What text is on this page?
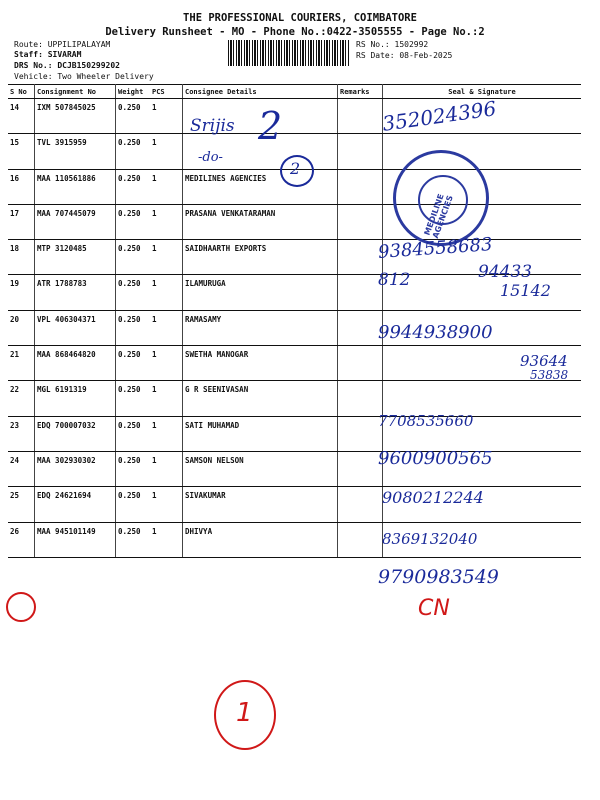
THE PROFESSIONAL COURIERS, COIMBATORE
Delivery Runsheet - MO - Phone No.:0422-3505555 - Page No.:2
Route: UPPILIPALAYAM
Staff: SIVARAM
DRS No.: DCJB150299202
Vehicle: Two Wheeler Delivery
RS No.: 1502992
RS Date: 08-Feb-2025
S No	Consignment No	Weight	PCS	Consignee Details	Remarks	Seal & Signature
14	IXM 507845025	0.250	1			
15	TVL 3915959	0.250	1			
16	MAA 110561886	0.250	1	MEDILINES AGENCIES		
17	MAA 707445079	0.250	1	PRASANA VENKATARAMAN		
18	MTP 3120485	0.250	1	SAIDHAARTH EXPORTS		
19	ATR 1788783	0.250	1	ILAMURUGA		
20	VPL 406304371	0.250	1	RAMASAMY		
21	MAA 868464820	0.250	1	SWETHA MANOGAR		
22	MGL 6191319	0.250	1	G R SEENIVASAN		
23	EDQ 700007032	0.250	1	SATI MUHAMAD		
24	MAA 302930302	0.250	1	SAMSON NELSON		
25	EDQ 24621694	0.250	1	SIVAKUMAR		
26	MAA 945101149	0.250	1	DHIVYA		
Srijis 2
-do-
2
352024396
MEDILINE AGENCIES
9384558683
812	94433
15142
9944938900
93644
53838
7708535660
9600900565
9080212244
8369132040
9790983549
CN
1
